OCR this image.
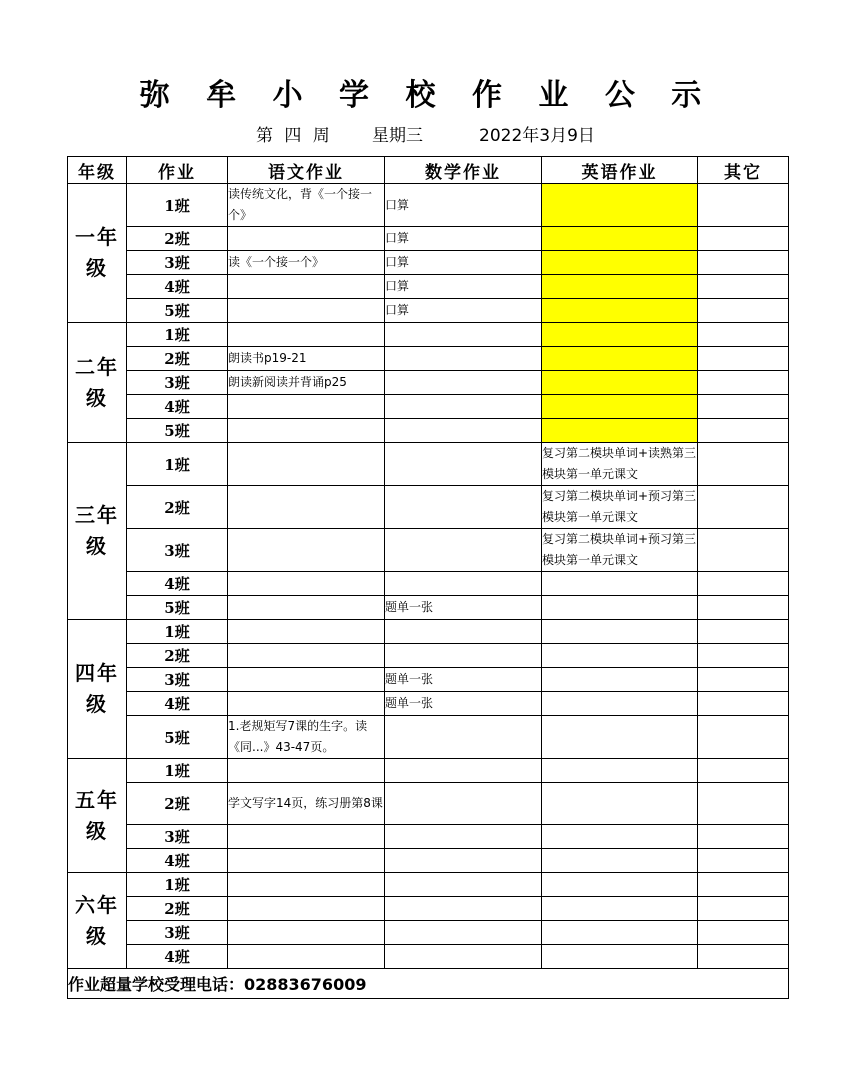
弥 牟 小 学 校 作 业 公 示
第 四 周 星期三	2022年3月9日
年级	作业	语文作业	数学作业	英语作业	其它

一年
级	1班	读传统文化，背《一个接一个》	口算		
	2班		口算		
	3班	读《一个接一个》	口算		
	4班		口算		
	5班		口算		

二年
级	1班				
	2班	朗读书p19-21			
	3班	朗读新阅读并背诵p25			
	4班				
	5班				

三年
级	1班			复习第二模块单词+读熟第三模块第一单元课文	
	2班			复习第二模块单词+预习第三模块第一单元课文	
	3班			复习第二模块单词+预习第三模块第一单元课文	
	4班				
	5班		题单一张		

四年
级	1班				
	2班				
	3班		题单一张		
	4班		题单一张		
	5班	1.老规矩写7课的生字。读《同...》43-47页。			

五年
级	1班				
	2班	学文写字14页，练习册第8课			
	3班				
	4班				

六年
级	1班				
	2班				
	3班				
	4班				
作业超量学校受理电话：02883676009					
